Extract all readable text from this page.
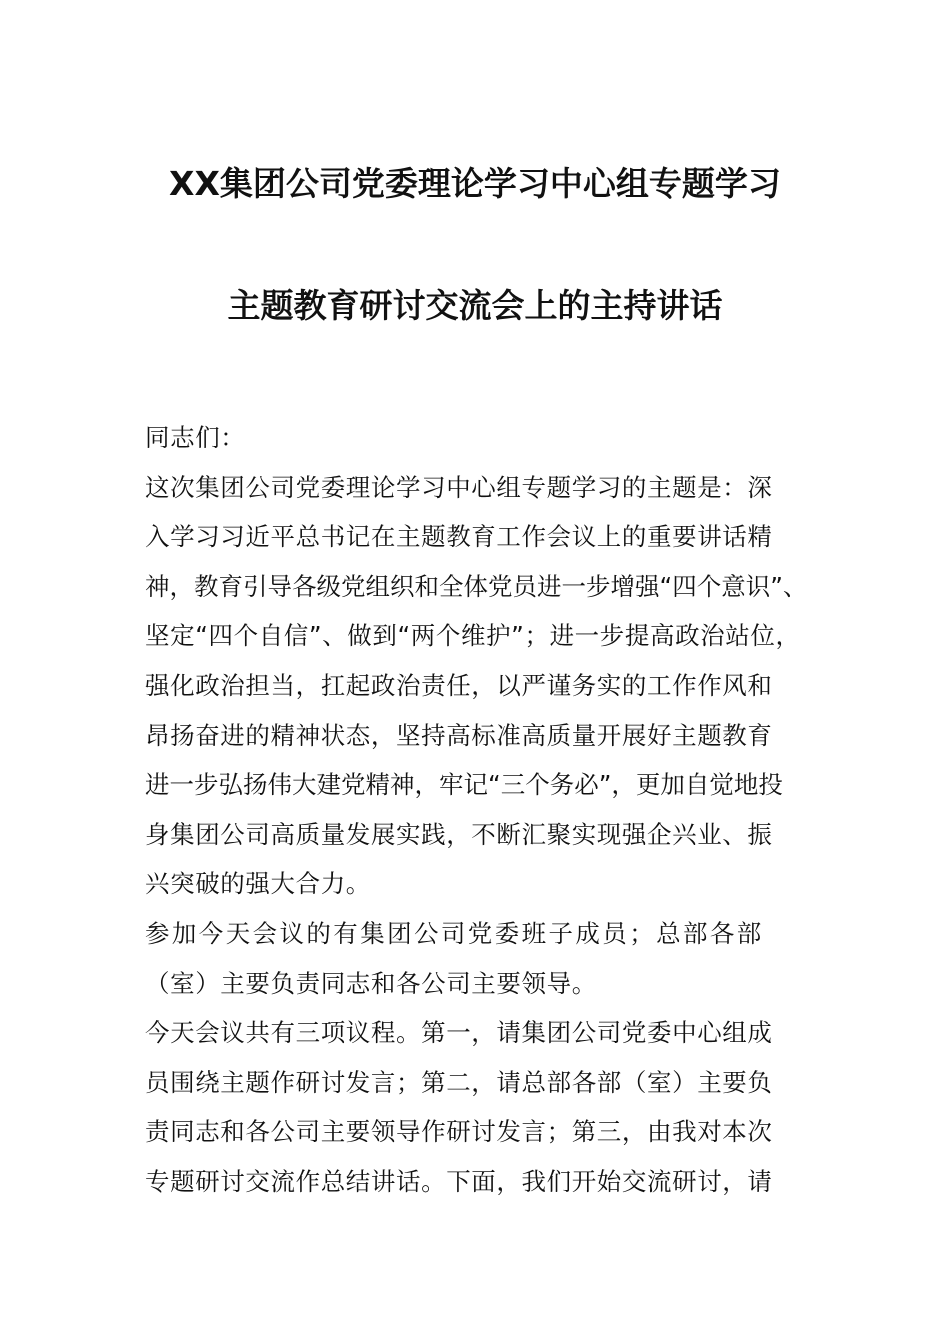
XX集团公司党委理论学习中心组专题学习
主题教育研讨交流会上的主持讲话
同志们：
这次集团公司党委理论学习中心组专题学习的主题是：深
入学习习近平总书记在主题教育工作会议上的重要讲话精
神，教育引导各级党组织和全体党员进一步增强“四个意识”、
坚定“四个自信”、做到“两个维护”；进一步提高政治站位，
强化政治担当，扛起政治责任，以严谨务实的工作作风和
昂扬奋进的精神状态，坚持高标准高质量开展好主题教育
进一步弘扬伟大建党精神，牢记“三个务必”，更加自觉地投
身集团公司高质量发展实践，不断汇聚实现强企兴业、振
兴突破的强大合力。
参加今天会议的有集团公司党委班子成员；总部各部
（室）主要负责同志和各公司主要领导。
今天会议共有三项议程。第一，请集团公司党委中心组成
员围绕主题作研讨发言；第二，请总部各部（室）主要负
责同志和各公司主要领导作研讨发言；第三，由我对本次
专题研讨交流作总结讲话。下面，我们开始交流研讨，请
